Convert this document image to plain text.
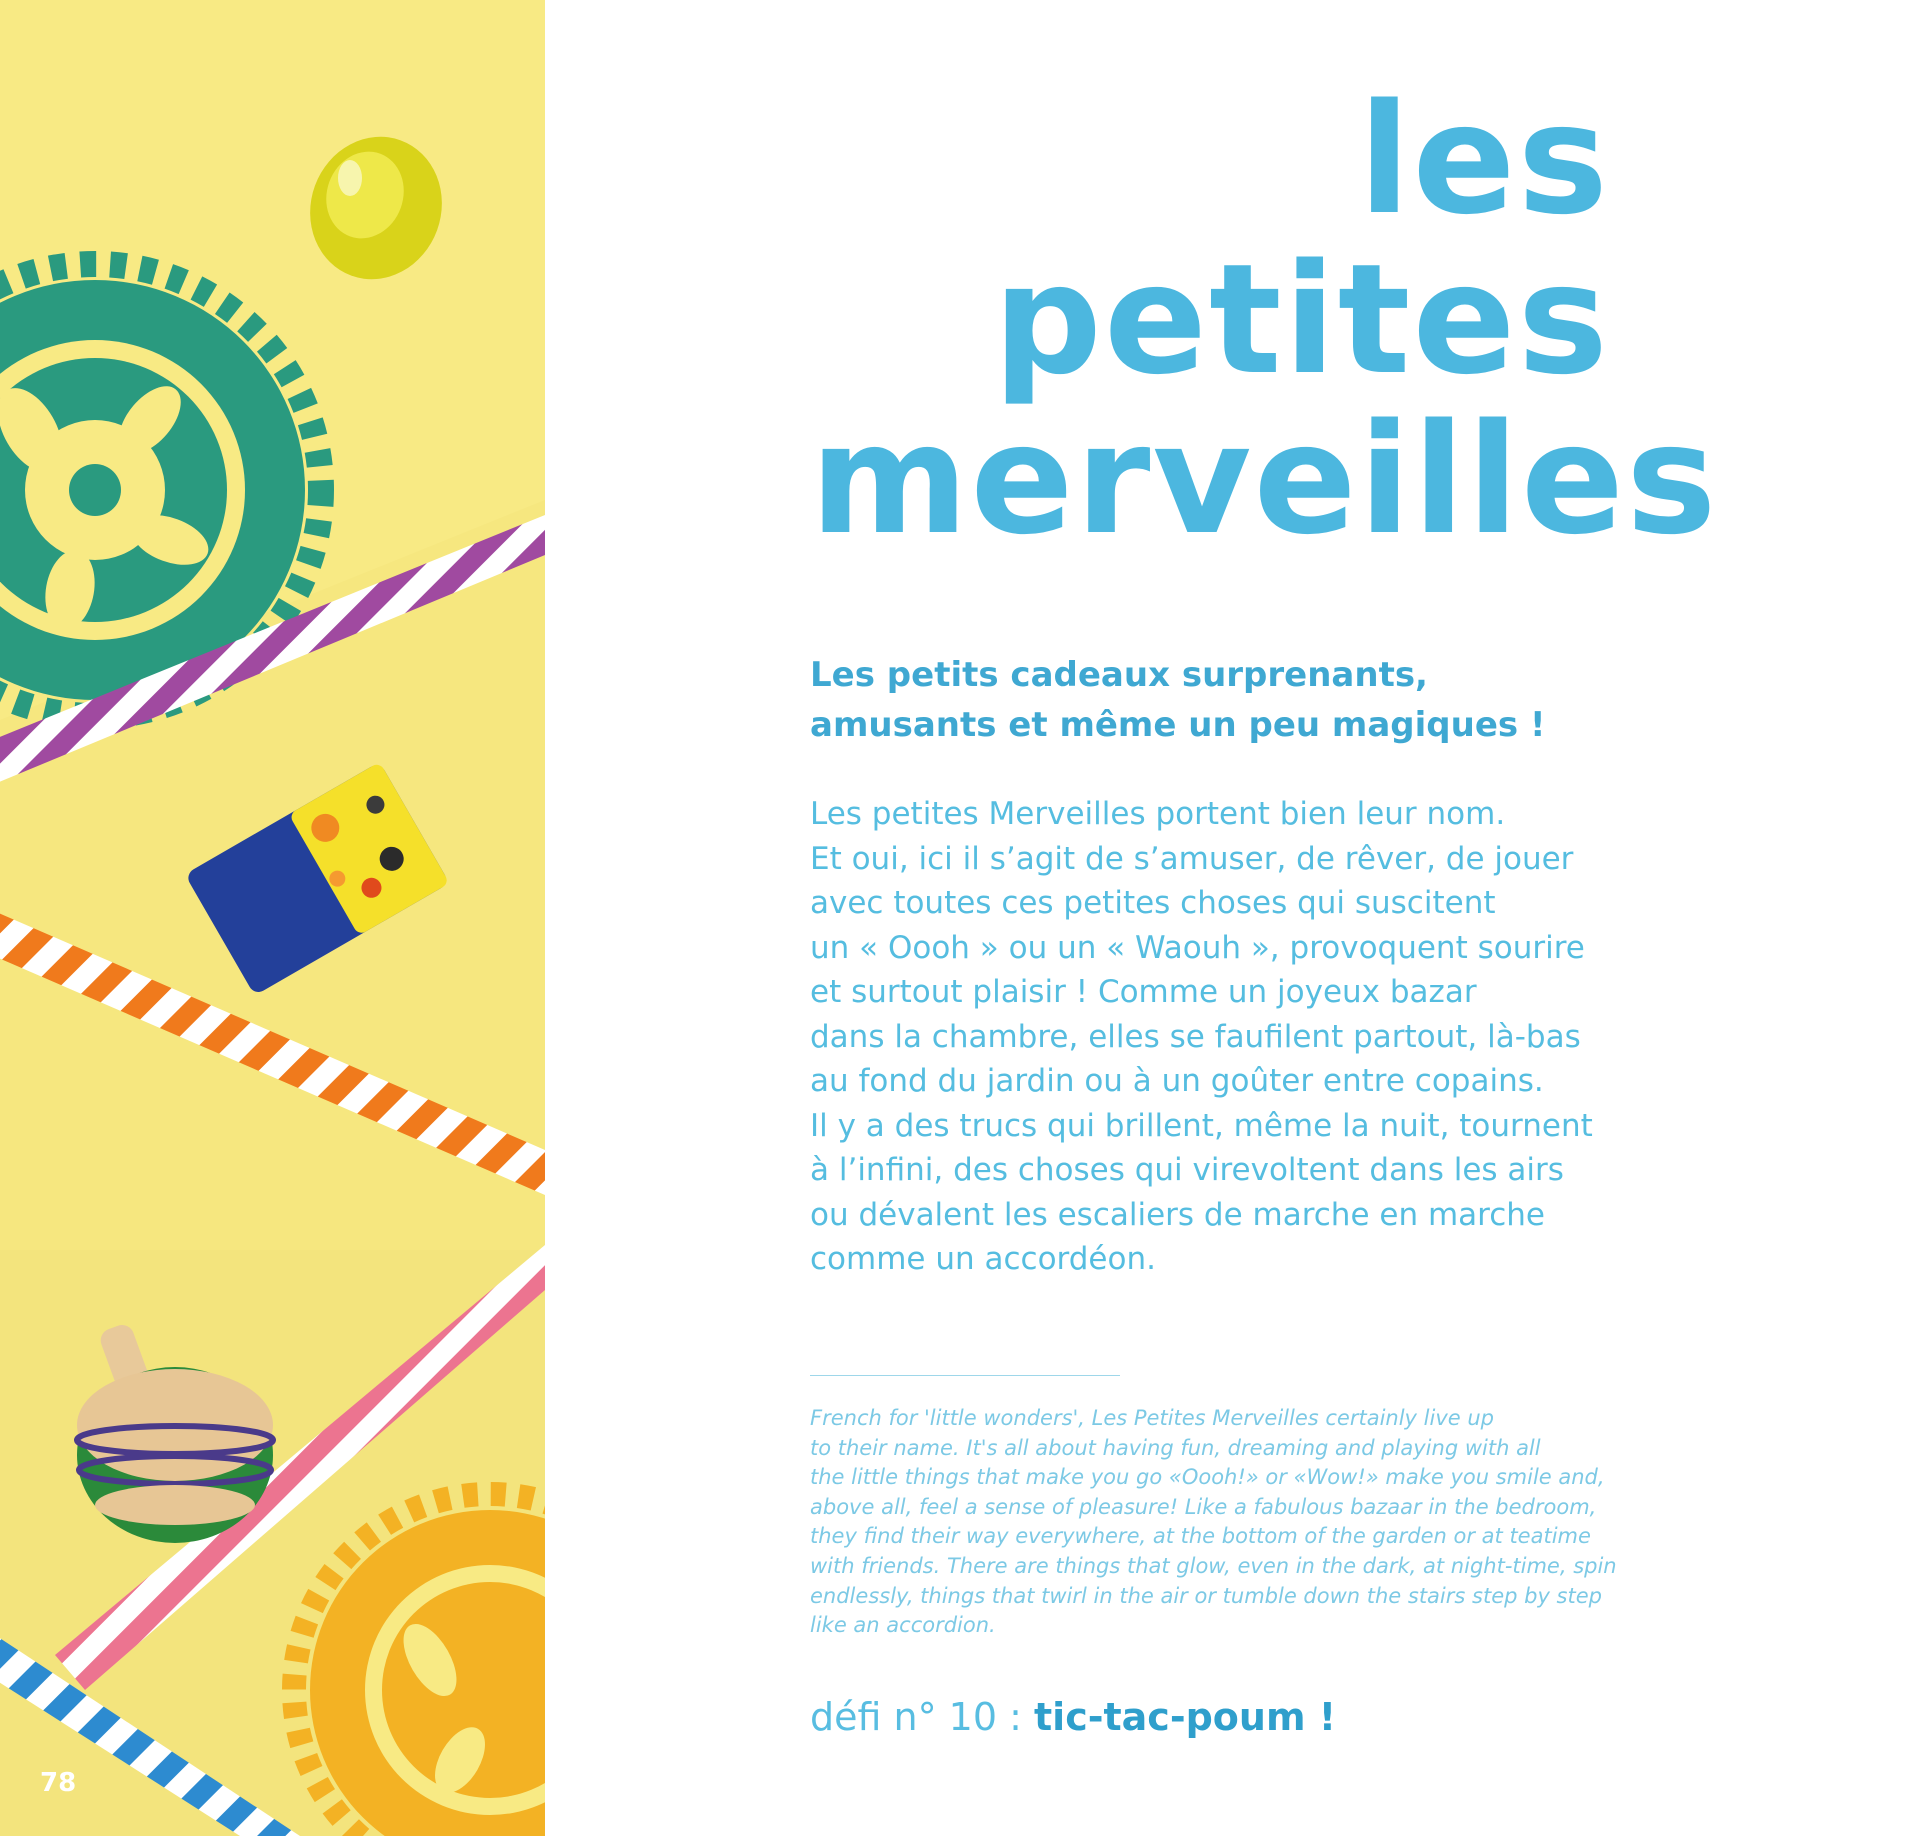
78
les
petites
merveilles
Les petits cadeaux surprenants,
amusants et même un peu magiques !
Les petites Merveilles portent bien leur nom.
Et oui, ici il s’agit de s’amuser, de rêver, de jouer
avec toutes ces petites choses qui suscitent
un « Oooh » ou un « Waouh », provoquent sourire
et surtout plaisir ! Comme un joyeux bazar
dans la chambre, elles se faufilent partout, là-bas
au fond du jardin ou à un goûter entre copains.
Il y a des trucs qui brillent, même la nuit, tournent
à l’infini, des choses qui virevoltent dans les airs
ou dévalent les escaliers de marche en marche
comme un accordéon.
French for 'little wonders', Les Petites Merveilles certainly live up
to their name. It's all about having fun, dreaming and playing with all
the little things that make you go «Oooh!» or «Wow!» make you smile and,
above all, feel a sense of pleasure! Like a fabulous bazaar in the bedroom,
they find their way everywhere, at the bottom of the garden or at teatime
with friends. There are things that glow, even in the dark, at night-time, spin
endlessly, things that twirl in the air or tumble down the stairs step by step
like an accordion.
défi n° 10 : tic-tac-poum !
